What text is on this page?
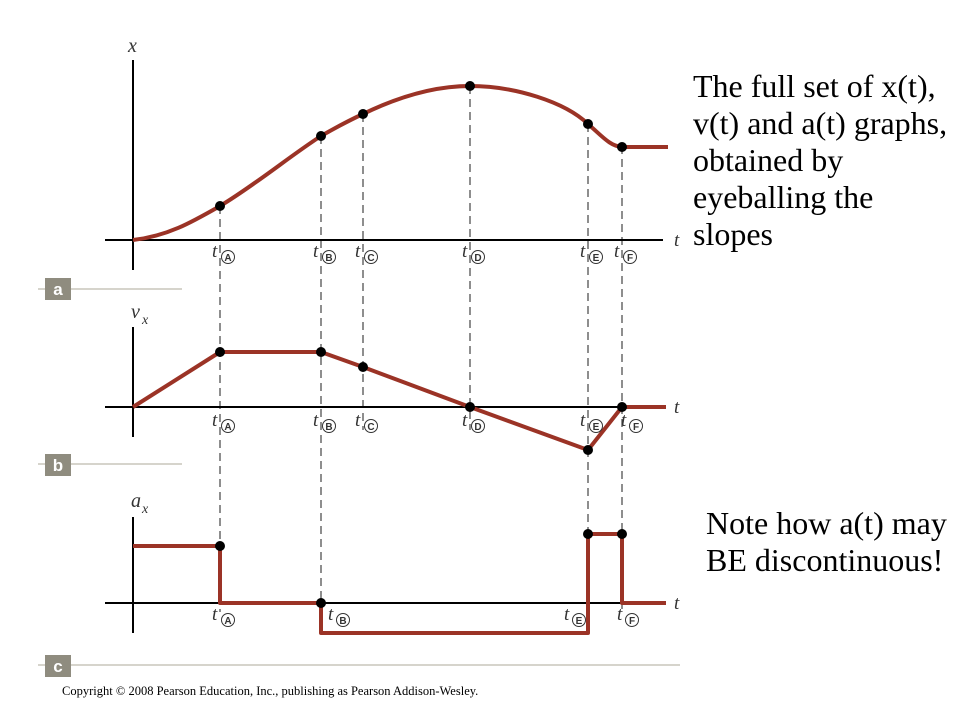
x
t
t A	t B t C	t D	t E t F
a
v x
t
t A	t B t C	t D	t E t F
b
a x
t
t A	t B	t E t F
c
The full set of x(t), v(t) and a(t) graphs, obtained by eyeballing the slopes
Note how a(t) may BE discontinuous!
Copyright © 2008 Pearson Education, Inc., publishing as Pearson Addison-Wesley.
